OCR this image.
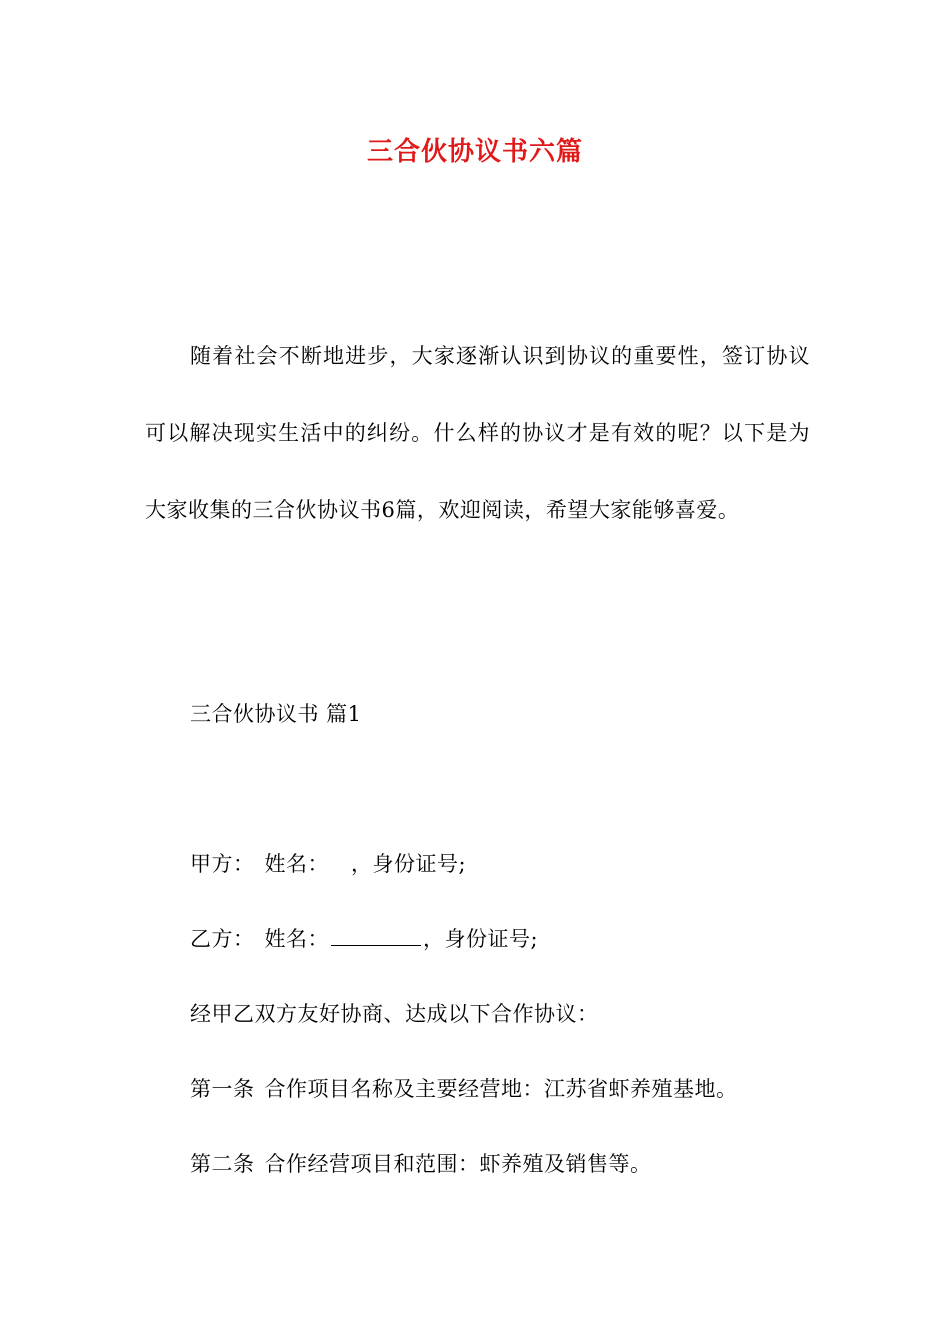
三合伙协议书六篇

随着社会不断地进步，大家逐渐认识到协议的重要性，签订协议可以解决现实生活中的纠纷。什么样的协议才是有效的呢？以下是为大家收集的三合伙协议书6篇，欢迎阅读，希望大家能够喜爱。

三合伙协议书 篇1
甲方： 姓名： ，身份证号;
乙方： 姓名：	，身份证号;
经甲乙双方友好协商、达成以下合作协议：
第一条 合作项目名称及主要经营地：江苏省虾养殖基地。
第二条 合作经营项目和范围：虾养殖及销售等。
